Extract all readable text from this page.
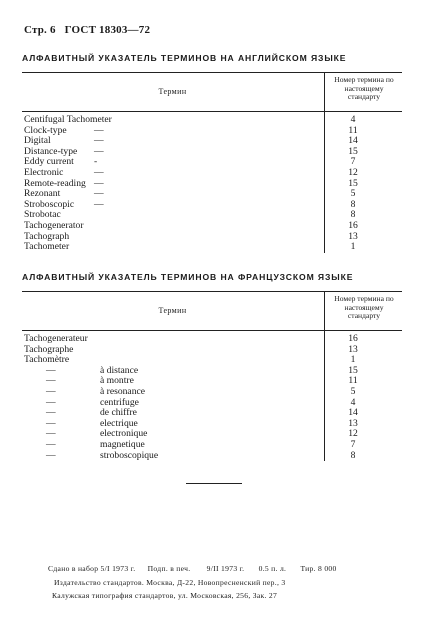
Стр. 6 ГОСТ 18303—72
АЛФАВИТНЫЙ УКАЗАТЕЛЬ ТЕРМИНОВ НА АНГЛИЙСКОМ ЯЗЫКЕ
Термин
Номер термина по настоящему стандарту
Centifugal Tachometer	4
Clock-type	—	11
Digital	—	14
Distance-type —	15
Eddy current -	7
Electronic	—	12
Remote-reading —	15
Rezonant	—	5
Stroboscopic —	8
Strobotac	8
Tachogenerator	16
Tachograph	13
Tachometer	1
АЛФАВИТНЫЙ УКАЗАТЕЛЬ ТЕРМИНОВ НА ФРАНЦУЗСКОМ ЯЗЫКЕ
Термин
Номер термина по настоящему стандарту
Tachogenerateur	16
Tachographe	13
Tachomètre	1
—	à distance	15
—	à montre	11
—	à resonance	5
—	centrifuge	4
—	de chiffre	14
—	electrique	13
—	electronique	12
—	magnetique	7
—	stroboscopique	8
Сдано в набор 5/I 1973 г. Подп. в печ. 9/II 1973 г. 0.5 п. л. Тир. 8 000
Издательство стандартов. Москва, Д-22, Новопресненский пер., 3
Калужская типография стандартов, ул. Московская, 256, Зак. 27
